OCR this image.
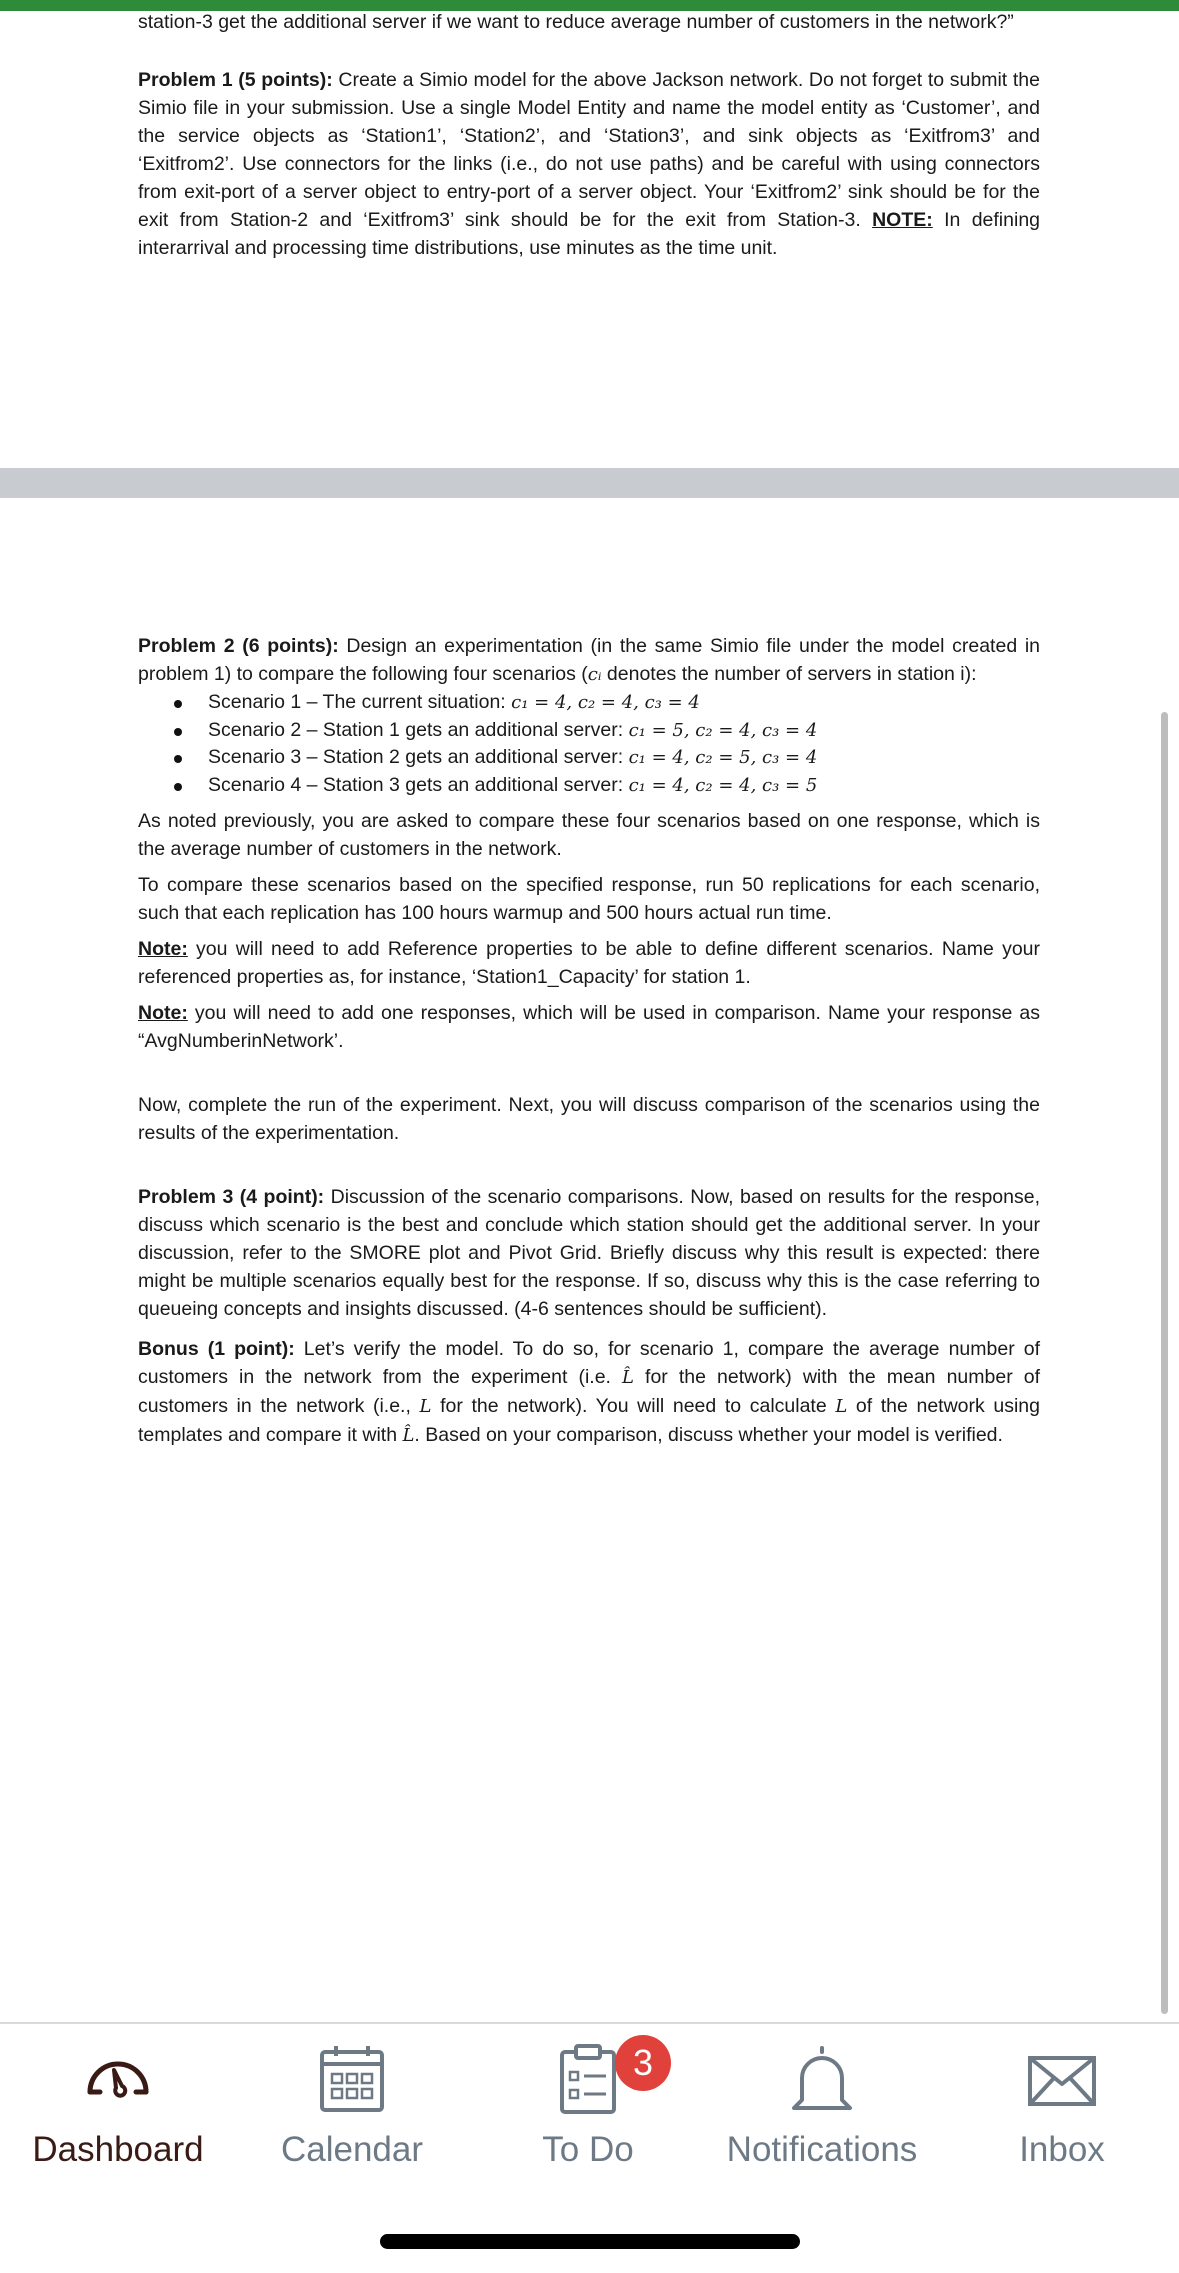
station-3 get the additional server if we want to reduce average number of customers in the network?”

Problem 1 (5 points): Create a Simio model for the above Jackson network. Do not forget to submit the Simio file in your submission. Use a single Model Entity and name the model entity as ‘Customer’, and the service objects as ‘Station1’, ‘Station2’, and ‘Station3’, and sink objects as ‘Exitfrom3’ and ‘Exitfrom2’. Use connectors for the links (i.e., do not use paths) and be careful with using connectors from exit-port of a server object to entry-port of a server object. Your ‘Exitfrom2’ sink should be for the exit from Station-2 and ‘Exitfrom3’ sink should be for the exit from Station-3. NOTE: In defining interarrival and processing time distributions, use minutes as the time unit.

Problem 2 (6 points): Design an experimentation (in the same Simio file under the model created in problem 1) to compare the following four scenarios (cᵢ denotes the number of servers in station i):

Scenario 1 – The current situation: c₁ = 4, c₂ = 4, c₃ = 4
Scenario 2 – Station 1 gets an additional server: c₁ = 5, c₂ = 4, c₃ = 4
Scenario 3 – Station 2 gets an additional server: c₁ = 4, c₂ = 5, c₃ = 4
Scenario 4 – Station 3 gets an additional server: c₁ = 4, c₂ = 4, c₃ = 5

As noted previously, you are asked to compare these four scenarios based on one response, which is the average number of customers in the network.

To compare these scenarios based on the specified response, run 50 replications for each scenario, such that each replication has 100 hours warmup and 500 hours actual run time.

Note: you will need to add Reference properties to be able to define different scenarios. Name your referenced properties as, for instance, ‘Station1_Capacity’ for station 1.

Note: you will need to add one responses, which will be used in comparison. Name your response as “AvgNumberinNetwork’.

Now, complete the run of the experiment. Next, you will discuss comparison of the scenarios using the results of the experimentation.

Problem 3 (4 point): Discussion of the scenario comparisons. Now, based on results for the response, discuss which scenario is the best and conclude which station should get the additional server. In your discussion, refer to the SMORE plot and Pivot Grid. Briefly discuss why this result is expected: there might be multiple scenarios equally best for the response. If so, discuss why this is the case referring to queueing concepts and insights discussed. (4-6 sentences should be sufficient).

Bonus (1 point): Let’s verify the model. To do so, for scenario 1, compare the average number of customers in the network from the experiment (i.e. L̂ for the network) with the mean number of customers in the network (i.e., L for the network). You will need to calculate L of the network using templates and compare it with L̂. Based on your comparison, discuss whether your model is verified.

Dashboard	Calendar	To Do
3
Notifications	Inbox
